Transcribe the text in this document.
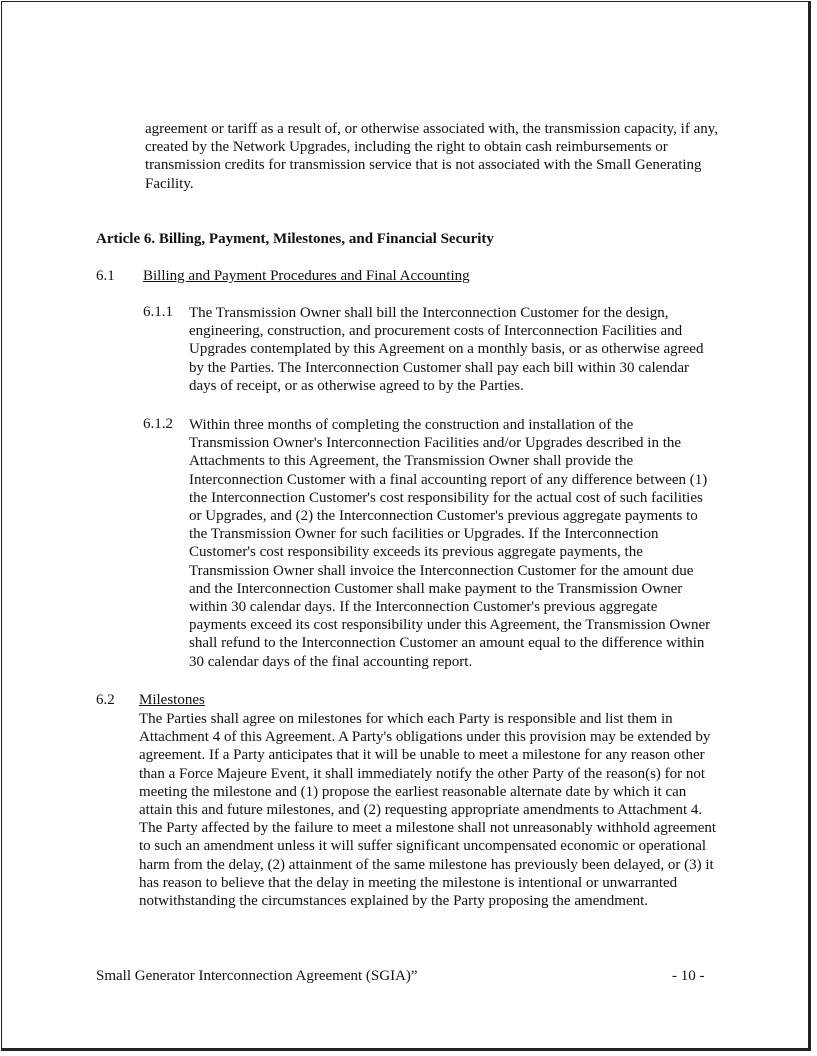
agreement or tariff as a result of, or otherwise associated with, the transmission capacity, if any, created by the Network Upgrades, including the right to obtain cash reimbursements or transmission credits for transmission service that is not associated with the Small Generating Facility.

Article 6. Billing, Payment, Milestones, and Financial Security
6.1 Billing and Payment Procedures and Final Accounting
6.1.1 The Transmission Owner shall bill the Interconnection Customer for the design, engineering, construction, and procurement costs of Interconnection Facilities and Upgrades contemplated by this Agreement on a monthly basis, or as otherwise agreed by the Parties. The Interconnection Customer shall pay each bill within 30 calendar days of receipt, or as otherwise agreed to by the Parties.

6.1.2 Within three months of completing the construction and installation of the Transmission Owner's Interconnection Facilities and/or Upgrades described in the Attachments to this Agreement, the Transmission Owner shall provide the Interconnection Customer with a final accounting report of any difference between (1) the Interconnection Customer's cost responsibility for the actual cost of such facilities or Upgrades, and (2) the Interconnection Customer's previous aggregate payments to the Transmission Owner for such facilities or Upgrades. If the Interconnection Customer's cost responsibility exceeds its previous aggregate payments, the Transmission Owner shall invoice the Interconnection Customer for the amount due and the Interconnection Customer shall make payment to the Transmission Owner within 30 calendar days. If the Interconnection Customer's previous aggregate payments exceed its cost responsibility under this Agreement, the Transmission Owner shall refund to the Interconnection Customer an amount equal to the difference within 30 calendar days of the final accounting report.

6.2 Milestones

The Parties shall agree on milestones for which each Party is responsible and list them in Attachment 4 of this Agreement. A Party's obligations under this provision may be extended by agreement. If a Party anticipates that it will be unable to meet a milestone for any reason other than a Force Majeure Event, it shall immediately notify the other Party of the reason(s) for not meeting the milestone and (1) propose the earliest reasonable alternate date by which it can attain this and future milestones, and (2) requesting appropriate amendments to Attachment 4. The Party affected by the failure to meet a milestone shall not unreasonably withhold agreement to such an amendment unless it will suffer significant uncompensated economic or operational harm from the delay, (2) attainment of the same milestone has previously been delayed, or (3) it has reason to believe that the delay in meeting the milestone is intentional or unwarranted notwithstanding the circumstances explained by the Party proposing the amendment.

Small Generator Interconnection Agreement (SGIA)”	- 10 -
